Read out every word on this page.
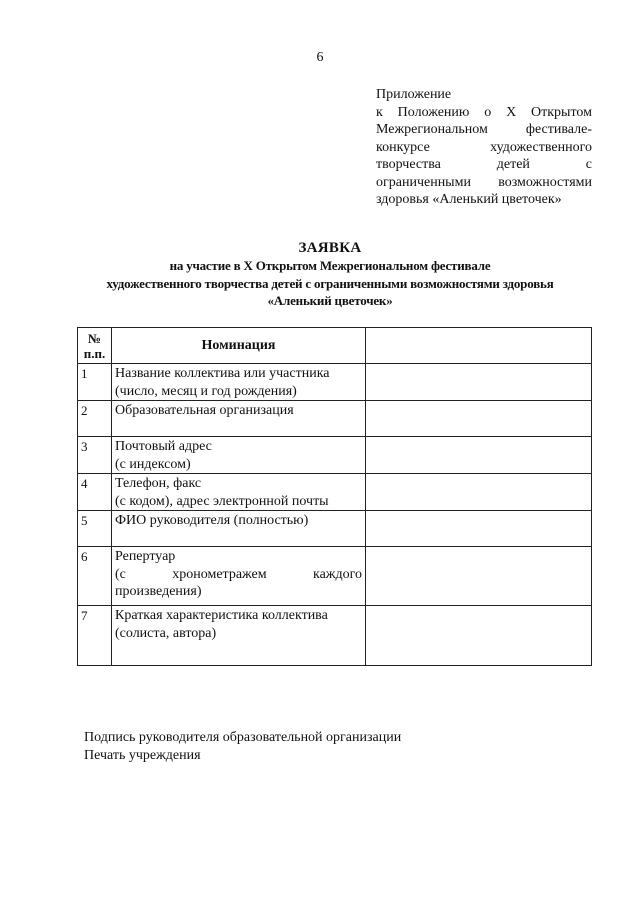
6
Приложение
к Положению о Х Открытом
Межрегиональном фестивале-
конкурсе художественного
творчества детей с
ограниченными возможностями
здоровья «Аленький цветочек»
ЗАЯВКА
на участие в Х Открытом Межрегиональном фестивале
художественного творчества детей с ограниченными возможностями здоровья
«Аленький цветочек»
№
п.п.	Номинация	
1	Название коллектива или участника
(число, месяц и год рождения)	

2	Образовательная организация	

3	Почтовый адрес
(с индексом)	

4	Телефон, факс
(с кодом), адрес электронной почты	

5	ФИО руководителя (полностью)	

6	Репертуар
(с хронометражем каждого
произведения)	

7	Краткая характеристика коллектива
(солиста, автора)	

Подпись руководителя образовательной организации
Печать учреждения
